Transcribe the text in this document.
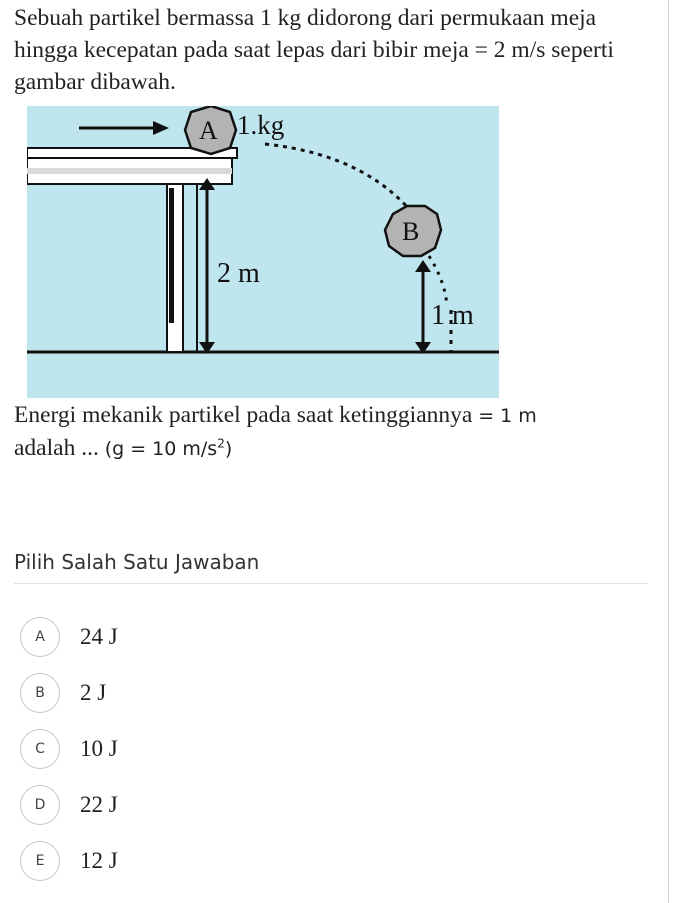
Sebuah partikel bermassa 1 kg didorong dari permukaan meja hingga kecepatan pada saat lepas dari bibir meja = 2 m/s seperti gambar dibawah.
A 1.kg
B
2 m
1 m
Energi mekanik partikel pada saat ketinggiannya = 1 m
adalah ... (g = 10 $m/s^2$)
Pilih Salah Satu Jawaban
A	24 J
B	2 J
C	10 J
D	22 J
E	12 J
